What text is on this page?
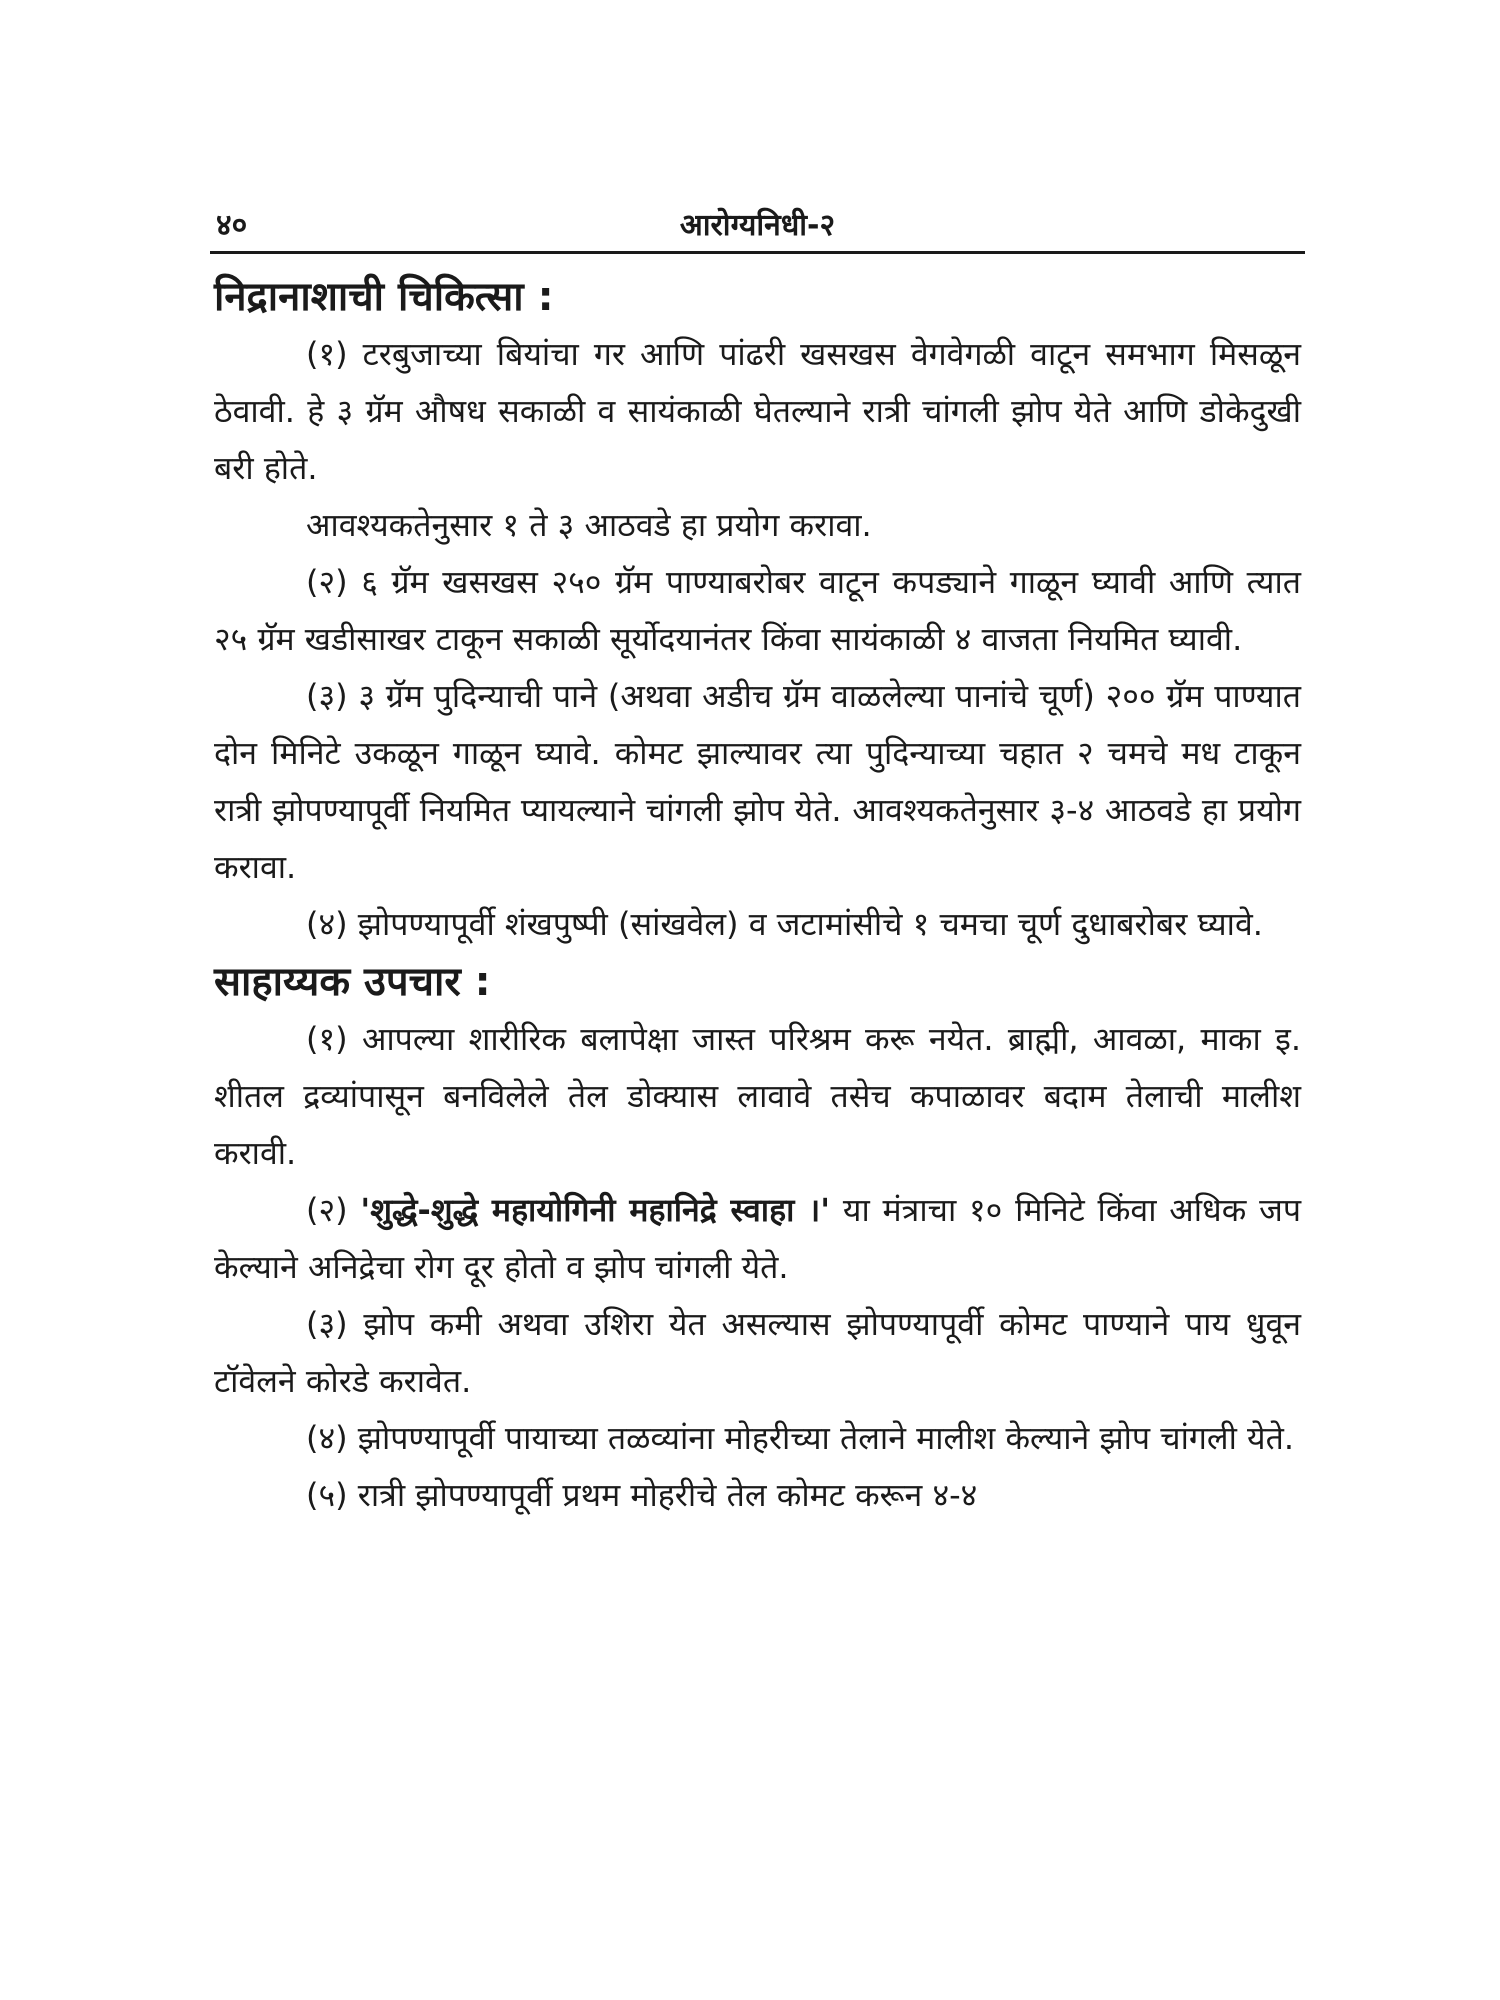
४०	आरोग्यनिधी-२
निद्रानाशाची चिकित्सा :

(१) टरबुजाच्या बियांचा गर आणि पांढरी खसखस वेगवेगळी वाटून समभाग मिसळून ठेवावी. हे ३ ग्रॅम औषध सकाळी व सायंकाळी घेतल्याने रात्री चांगली झोप येते आणि डोकेदुखी बरी होते.

आवश्यकतेनुसार १ ते ३ आठवडे हा प्रयोग करावा.

(२) ६ ग्रॅम खसखस २५० ग्रॅम पाण्याबरोबर वाटून कपड्याने गाळून घ्यावी आणि त्यात २५ ग्रॅम खडीसाखर टाकून सकाळी सूर्योदयानंतर किंवा सायंकाळी ४ वाजता नियमित घ्यावी.

(३) ३ ग्रॅम पुदिन्याची पाने (अथवा अडीच ग्रॅम वाळलेल्या पानांचे चूर्ण) २०० ग्रॅम पाण्यात दोन मिनिटे उकळून गाळून घ्यावे. कोमट झाल्यावर त्या पुदिन्याच्या चहात २ चमचे मध टाकून रात्री झोपण्यापूर्वी नियमित प्यायल्याने चांगली झोप येते. आवश्यकतेनुसार ३-४ आठवडे हा प्रयोग करावा.

(४) झोपण्यापूर्वी शंखपुष्पी (सांखवेल) व जटामांसीचे १ चमचा चूर्ण दुधाबरोबर घ्यावे.

साहाय्यक उपचार :

(१) आपल्या शारीरिक बलापेक्षा जास्त परिश्रम करू नयेत. ब्राह्मी, आवळा, माका इ. शीतल द्रव्यांपासून बनविलेले तेल डोक्यास लावावे तसेच कपाळावर बदाम तेलाची मालीश करावी.

(२) 'शुद्धे-शुद्धे महायोगिनी महानिद्रे स्वाहा ।' या मंत्राचा १० मिनिटे किंवा अधिक जप केल्याने अनिद्रेचा रोग दूर होतो व झोप चांगली येते.

(३) झोप कमी अथवा उशिरा येत असल्यास झोपण्यापूर्वी कोमट पाण्याने पाय धुवून टॉवेलने कोरडे करावेत.

(४) झोपण्यापूर्वी पायाच्या तळव्यांना मोहरीच्या तेलाने मालीश केल्याने झोप चांगली येते.

(५) रात्री झोपण्यापूर्वी प्रथम मोहरीचे तेल कोमट करून ४-४
